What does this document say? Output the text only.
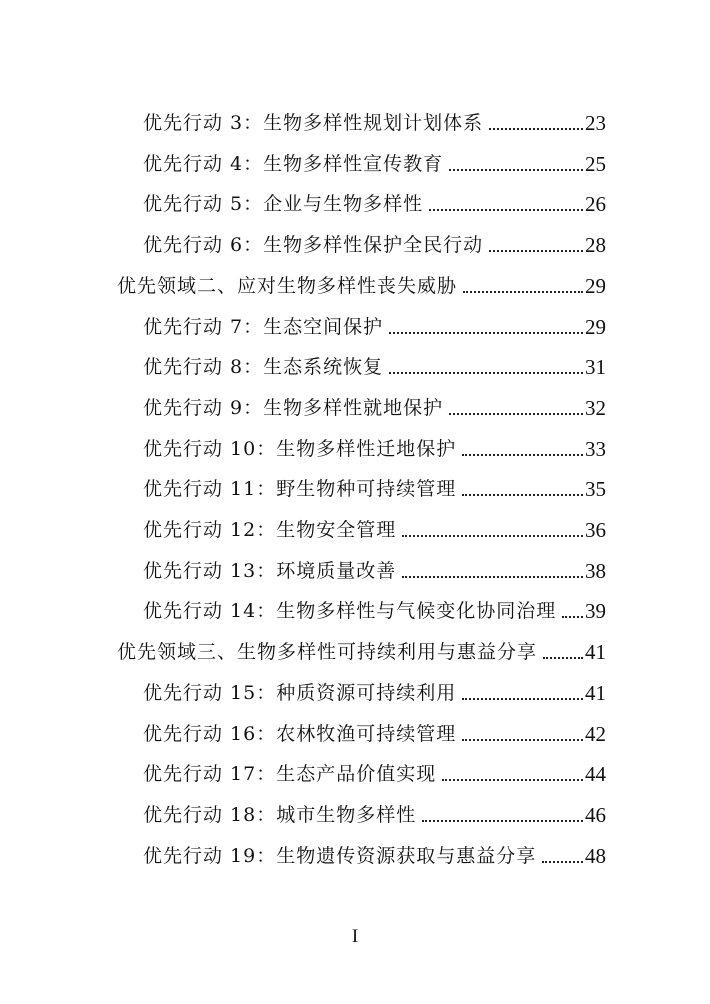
优先行动 3：生物多样性规划计划体系	23
优先行动 4：生物多样性宣传教育	25
优先行动 5：企业与生物多样性	26
优先行动 6：生物多样性保护全民行动	28
优先领域二、应对生物多样性丧失威胁	29
优先行动 7：生态空间保护	29
优先行动 8：生态系统恢复	31
优先行动 9：生物多样性就地保护	32
优先行动 10：生物多样性迁地保护	33
优先行动 11：野生物种可持续管理	35
优先行动 12：生物安全管理	36
优先行动 13：环境质量改善	38
优先行动 14：生物多样性与气候变化协同治理 39
优先领域三、生物多样性可持续利用与惠益分享 41
优先行动 15：种质资源可持续利用	41
优先行动 16：农林牧渔可持续管理	42
优先行动 17：生态产品价值实现	44
优先行动 18：城市生物多样性	46
优先行动 19：生物遗传资源获取与惠益分享 48
I
